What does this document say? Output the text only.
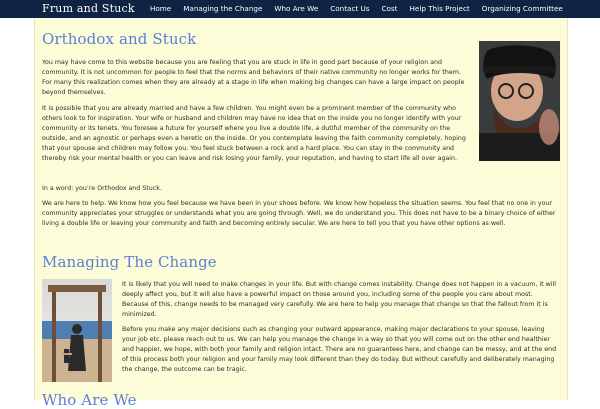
Frum and Stuck Home Managing the Change Who Are We Contact Us Cost Help This Project Organizing Committee
Orthodox and Stuck

You may have come to this website because you are feeling that you are stuck in life in good part because of your religion and community. It is not uncommon for people to feel that the norms and behaviors of their native community no longer works for them. For many this realization comes when they are already at a stage in life when making big changes can have a large impact on people beyond themselves.

It is possible that you are already married and have a few children. You might even be a prominent member of the community who others look to for inspiration. Your wife or husband and children may have no idea that on the inside you no longer identify with your community or its tenets. You foresee a future for yourself where you live a double life, a dutiful member of the community on the outside, and an agnostic or perhaps even a heretic on the inside. Or you contemplate leaving the faith community completely, hoping that your spouse and children may follow you. You feel stuck between a rock and a hard place. You can stay in the community and thereby risk your mental health or you can leave and risk losing your family, your reputation, and having to start life all over again.

In a word: you’re Orthodox and Stuck.

We are here to help. We know how you feel because we have been in your shoes before. We know how hopeless the situation seems. You feel that no one in your community appreciates your struggles or understands what you are going through. Well, we do understand you. This does not have to be a binary choice of either living a double life or leaving your community and faith and becoming entirely secular. We are here to tell you that you have other options as well.

Managing The Change

It is likely that you will need to make changes in your life. But with change comes instability. Change does not happen in a vacuum, it will deeply affect you, but it will also have a powerful impact on those around you, including some of the people you care about most. Because of this, change needs to be managed very carefully. We are here to help you manage that change so that the fallout from it is minimized.

Before you make any major decisions such as changing your outward appearance, making major declarations to your spouse, leaving your job etc. please reach out to us. We can help you manage the change in a way so that you will come out on the other end healthier and happier, we hope, with both your family and religion intact. There are no guarantees here, and change can be messy, and at the end of this process both your religion and your family may look different than they do today. But without carefully and deliberately managing the change, the outcome can be tragic.

Who Are We
